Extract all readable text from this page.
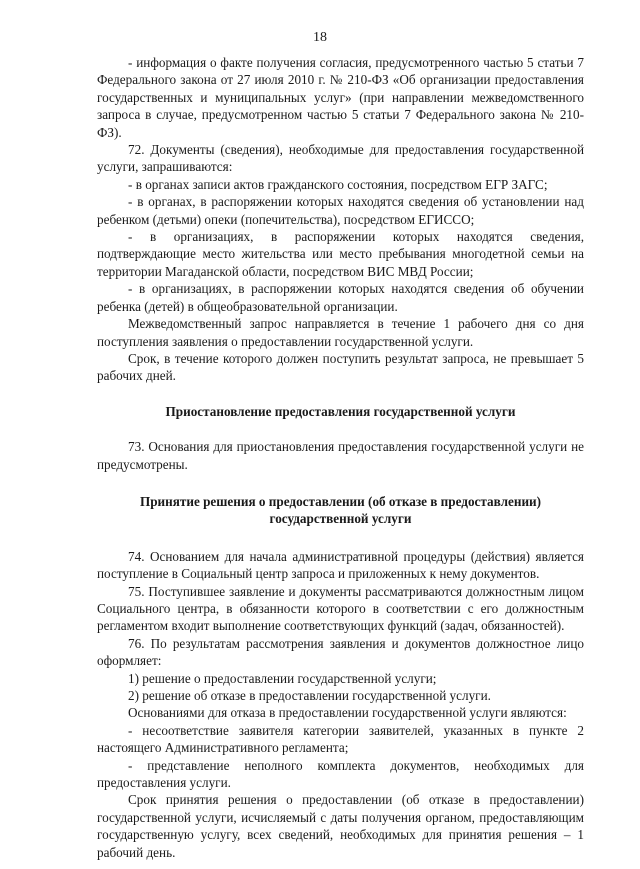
18

- информация о факте получения согласия, предусмотренного частью 5 статьи 7 Федерального закона от 27 июля 2010 г. № 210-ФЗ «Об организации предоставления государственных и муниципальных услуг» (при направлении межведомственного запроса в случае, предусмотренном частью 5 статьи 7 Федерального закона № 210-ФЗ).

72. Документы (сведения), необходимые для предоставления государственной услуги, запрашиваются:

- в органах записи актов гражданского состояния, посредством ЕГР ЗАГС;

- в органах, в распоряжении которых находятся сведения об установлении над ребенком (детьми) опеки (попечительства), посредством ЕГИССО;

- в организациях, в распоряжении которых находятся сведения, подтверждающие место жительства или место пребывания многодетной семьи на территории Магаданской области, посредством ВИС МВД России;

- в организациях, в распоряжении которых находятся сведения об обучении ребенка (детей) в общеобразовательной организации.

Межведомственный запрос направляется в течение 1 рабочего дня со дня поступления заявления о предоставлении государственной услуги.

Срок, в течение которого должен поступить результат запроса, не превышает 5 рабочих дней.

Приостановление предоставления государственной услуги

73. Основания для приостановления предоставления государственной услуги не предусмотрены.

Принятие решения о предоставлении (об отказе в предоставлении)

государственной услуги

74. Основанием для начала административной процедуры (действия) является поступление в Социальный центр запроса и приложенных к нему документов.

75. Поступившее заявление и документы рассматриваются должностным лицом Социального центра, в обязанности которого в соответствии с его должностным регламентом входит выполнение соответствующих функций (задач, обязанностей).

76. По результатам рассмотрения заявления и документов должностное лицо оформляет:

1) решение о предоставлении государственной услуги;

2) решение об отказе в предоставлении государственной услуги.

Основаниями для отказа в предоставлении государственной услуги являются:

- несоответствие заявителя категории заявителей, указанных в пункте 2 настоящего Административного регламента;

- представление неполного комплекта документов, необходимых для предоставления услуги.

Срок принятия решения о предоставлении (об отказе в предоставлении) государственной услуги, исчисляемый с даты получения органом, предоставляющим государственную услугу, всех сведений, необходимых для принятия решения – 1 рабочий день.
